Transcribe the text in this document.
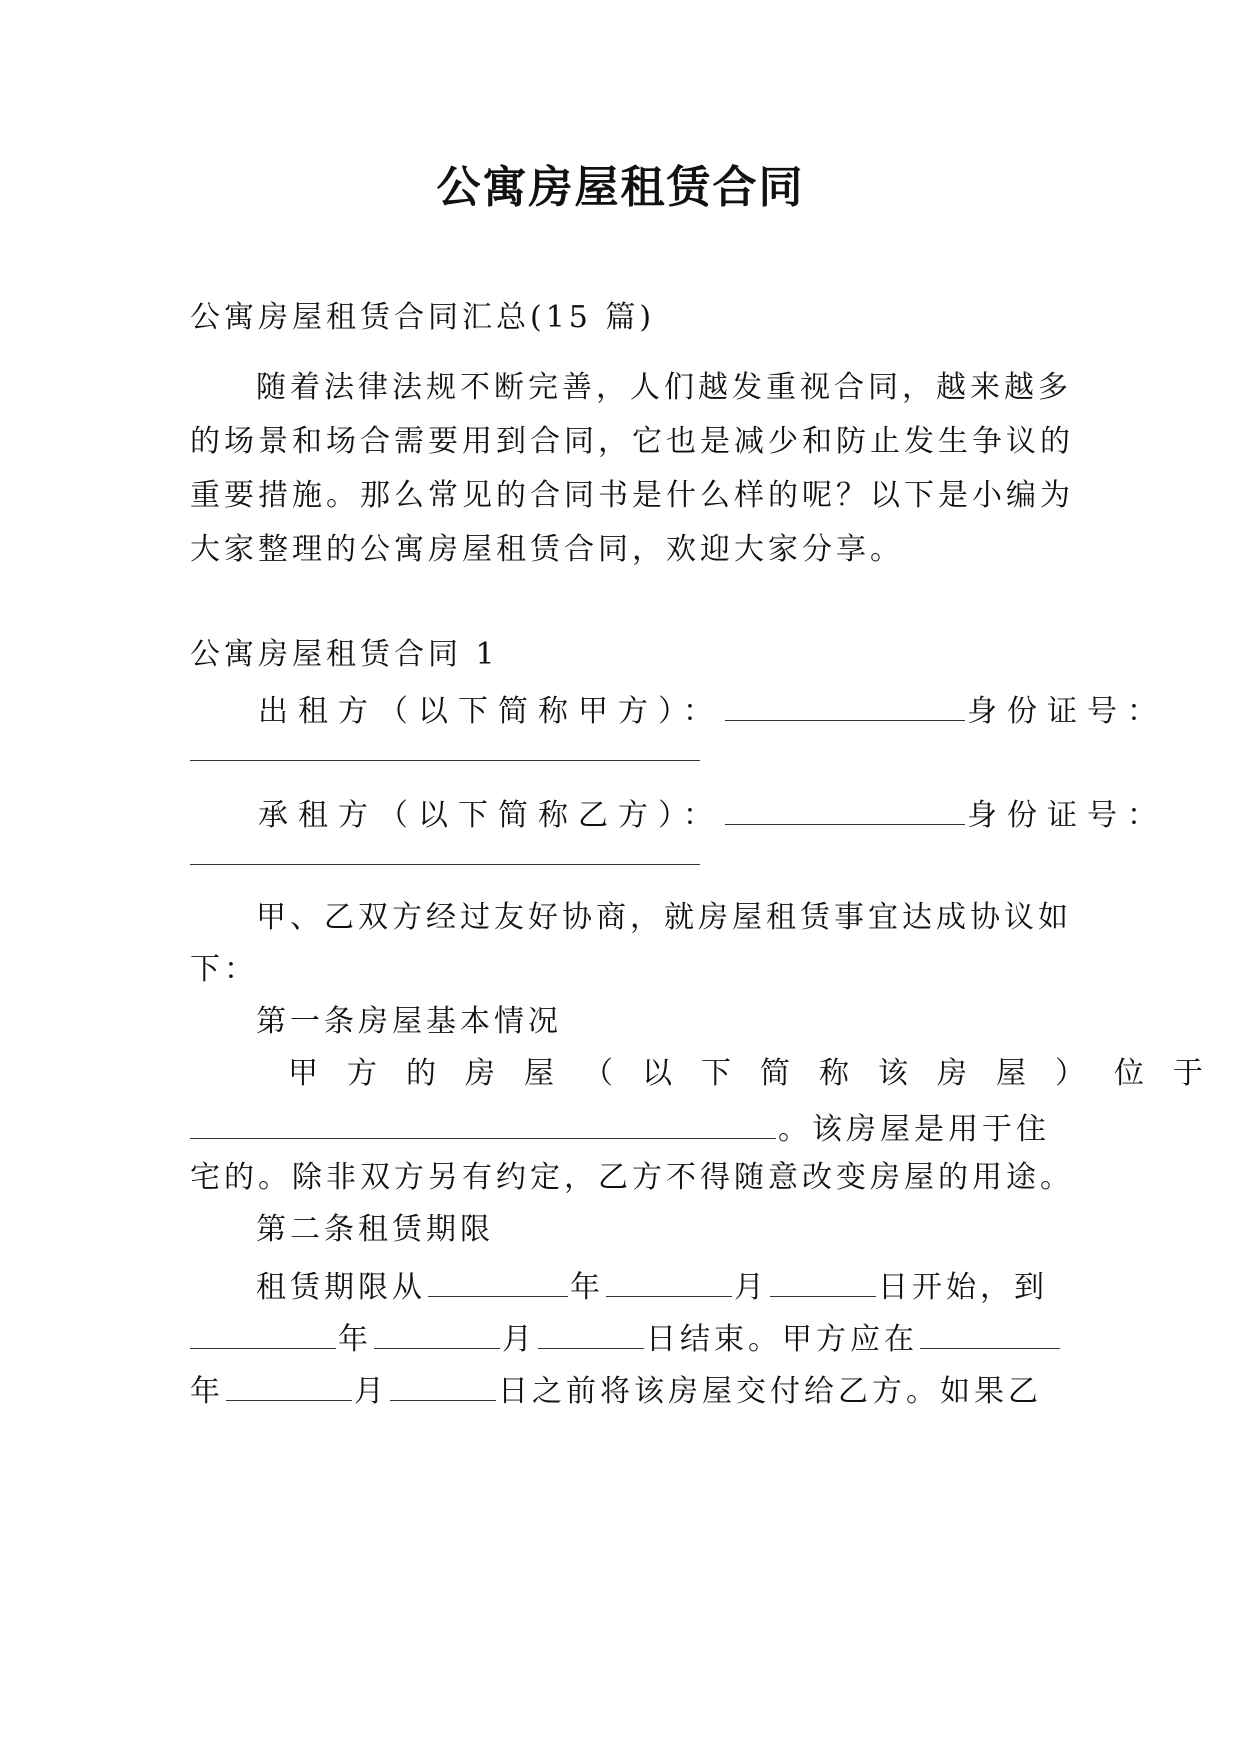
公寓房屋租赁合同
公寓房屋租赁合同汇总(15 篇)
随着法律法规不断完善，人们越发重视合同，越来越多
的场景和场合需要用到合同，它也是减少和防止发生争议的
重要措施。那么常见的合同书是什么样的呢？以下是小编为
大家整理的公寓房屋租赁合同，欢迎大家分享。
公寓房屋租赁合同 1
出租方（以下简称甲方）：	身份证号：
承租方（以下简称乙方）：	身份证号：
甲、乙双方经过友好协商，就房屋租赁事宜达成协议如
下：
第一条房屋基本情况
甲方的房屋（以下简称该房屋）位于
。该房屋是用于住
宅的。除非双方另有约定，乙方不得随意改变房屋的用途。
第二条租赁期限
租赁期限从	年	月	日开始，到
年	月	日结束。甲方应在
年	月	日之前将该房屋交付给乙方。如果乙
